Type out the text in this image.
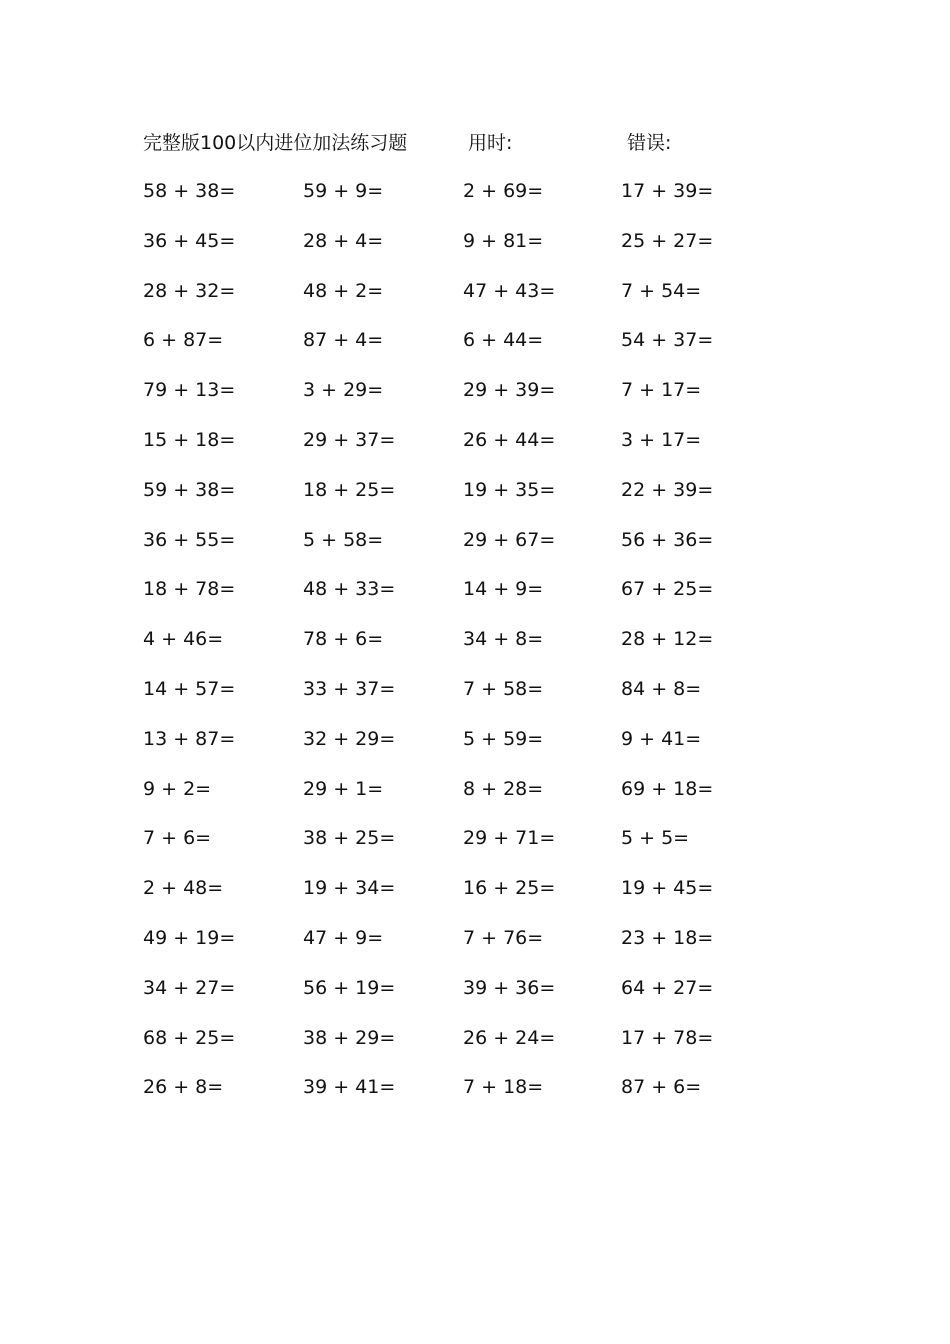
完整版100以内进位加法练习题	用时:	错误:
58 + 38=
36 + 45=
28 + 32=
6 + 87=
79 + 13=
15 + 18=
59 + 38=
36 + 55=
18 + 78=
4 + 46=
14 + 57=
13 + 87=
9 + 2=
7 + 6=
2 + 48=
49 + 19=
34 + 27=
68 + 25=
26 + 8=
59 + 9=
28 + 4=
48 + 2=
87 + 4=
3 + 29=
29 + 37=
18 + 25=
5 + 58=
48 + 33=
78 + 6=
33 + 37=
32 + 29=
29 + 1=
38 + 25=
19 + 34=
47 + 9=
56 + 19=
38 + 29=
39 + 41=
2 + 69=
9 + 81=
47 + 43=
6 + 44=
29 + 39=
26 + 44=
19 + 35=
29 + 67=
14 + 9=
34 + 8=
7 + 58=
5 + 59=
8 + 28=
29 + 71=
16 + 25=
7 + 76=
39 + 36=
26 + 24=
7 + 18=
17 + 39=
25 + 27=
7 + 54=
54 + 37=
7 + 17=
3 + 17=
22 + 39=
56 + 36=
67 + 25=
28 + 12=
84 + 8=
9 + 41=
69 + 18=
5 + 5=
19 + 45=
23 + 18=
64 + 27=
17 + 78=
87 + 6=
